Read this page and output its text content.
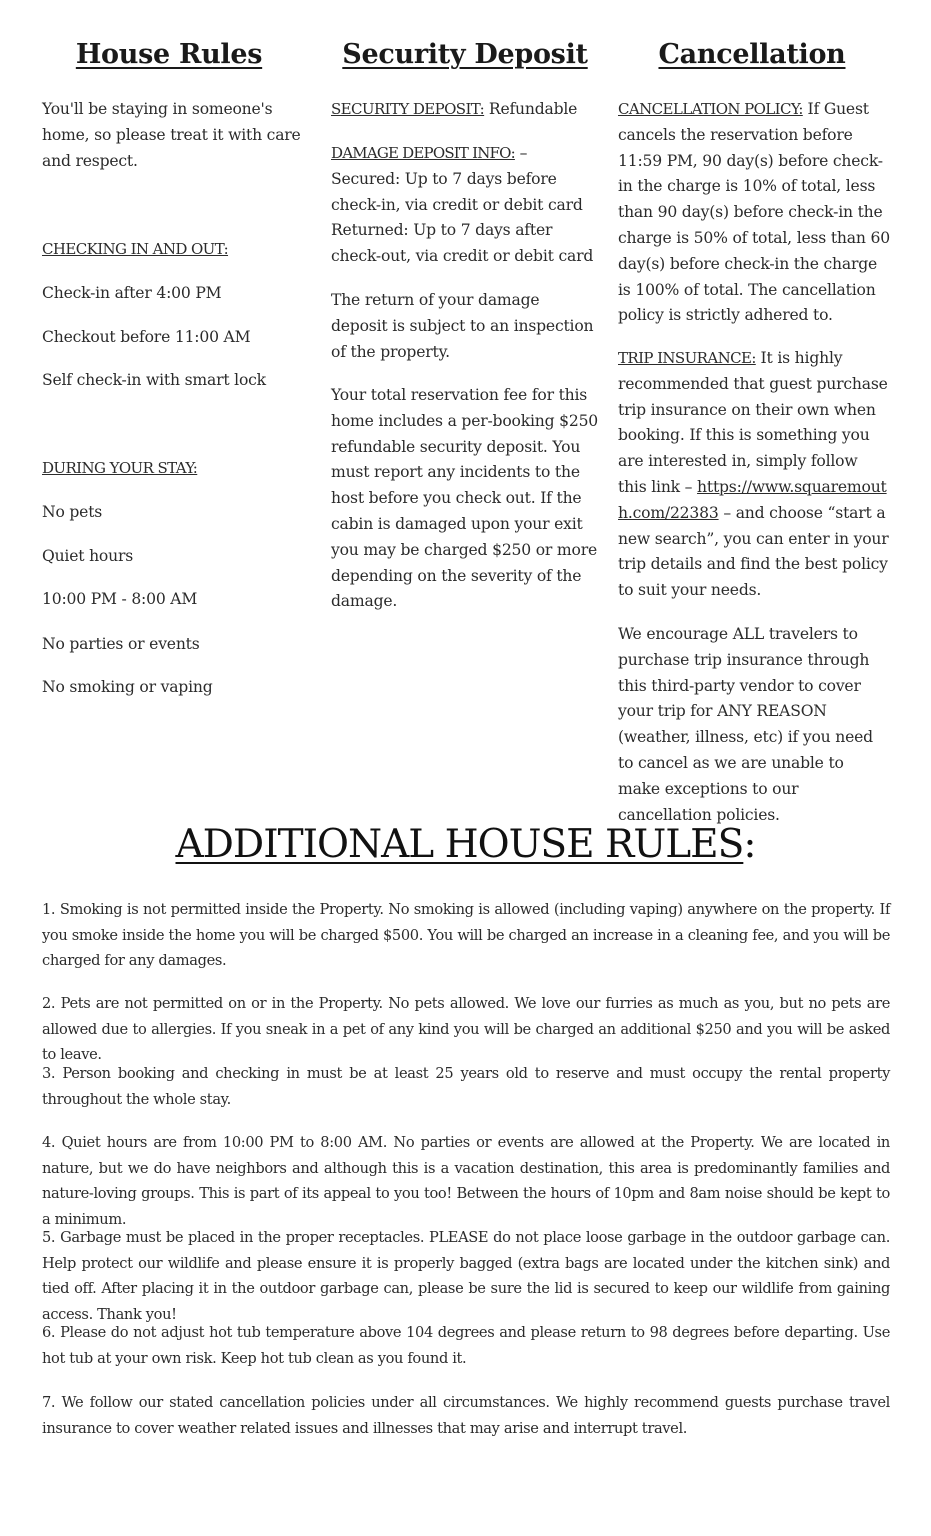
House Rules

You'll be staying in someone's home, so please treat it with care and respect.

CHECKING IN AND OUT:

Check-in after 4:00 PM

Checkout before 11:00 AM

Self check-in with smart lock

DURING YOUR STAY:

No pets

Quiet hours

10:00 PM - 8:00 AM

No parties or events

No smoking or vaping

Security Deposit

SECURITY DEPOSIT: Refundable

DAMAGE DEPOSIT INFO: –
Secured: Up to 7 days before check-in, via credit or debit card
Returned: Up to 7 days after check-out, via credit or debit card

The return of your damage deposit is subject to an inspection of the property.

Your total reservation fee for this home includes a per-booking $250 refundable security deposit. You must report any incidents to the host before you check out. If the cabin is damaged upon your exit you may be charged $250 or more depending on the severity of the damage.

Cancellation

CANCELLATION POLICY: If Guest cancels the reservation before 11:59 PM, 90 day(s) before check-in the charge is 10% of total, less than 90 day(s) before check-in the charge is 50% of total, less than 60 day(s) before check-in the charge is 100% of total. The cancellation policy is strictly adhered to.

TRIP INSURANCE: It is highly recommended that guest purchase trip insurance on their own when booking. If this is something you are interested in, simply follow this link – https://www.squaremouth.com/22383 – and choose “start a new search”, you can enter in your trip details and find the best policy to suit your needs.

We encourage ALL travelers to purchase trip insurance through this third-party vendor to cover your trip for ANY REASON (weather, illness, etc) if you need to cancel as we are unable to make exceptions to our cancellation policies.

ADDITIONAL HOUSE RULES:

1. Smoking is not permitted inside the Property. No smoking is allowed (including vaping) anywhere on the property. If you smoke inside the home you will be charged $500. You will be charged an increase in a cleaning fee, and you will be charged for any damages.

2. Pets are not permitted on or in the Property. No pets allowed. We love our furries as much as you, but no pets are allowed due to allergies. If you sneak in a pet of any kind you will be charged an additional $250 and you will be asked to leave.

3. Person booking and checking in must be at least 25 years old to reserve and must occupy the rental property throughout the whole stay.

4. Quiet hours are from 10:00 PM to 8:00 AM. No parties or events are allowed at the Property. We are located in nature, but we do have neighbors and although this is a vacation destination, this area is predominantly families and nature-loving groups. This is part of its appeal to you too! Between the hours of 10pm and 8am noise should be kept to a minimum.

5. Garbage must be placed in the proper receptacles. PLEASE do not place loose garbage in the outdoor garbage can. Help protect our wildlife and please ensure it is properly bagged (extra bags are located under the kitchen sink) and tied off. After placing it in the outdoor garbage can, please be sure the lid is secured to keep our wildlife from gaining access. Thank you!

6. Please do not adjust hot tub temperature above 104 degrees and please return to 98 degrees before departing. Use hot tub at your own risk. Keep hot tub clean as you found it.

7. We follow our stated cancellation policies under all circumstances. We highly recommend guests purchase travel insurance to cover weather related issues and illnesses that may arise and interrupt travel.
